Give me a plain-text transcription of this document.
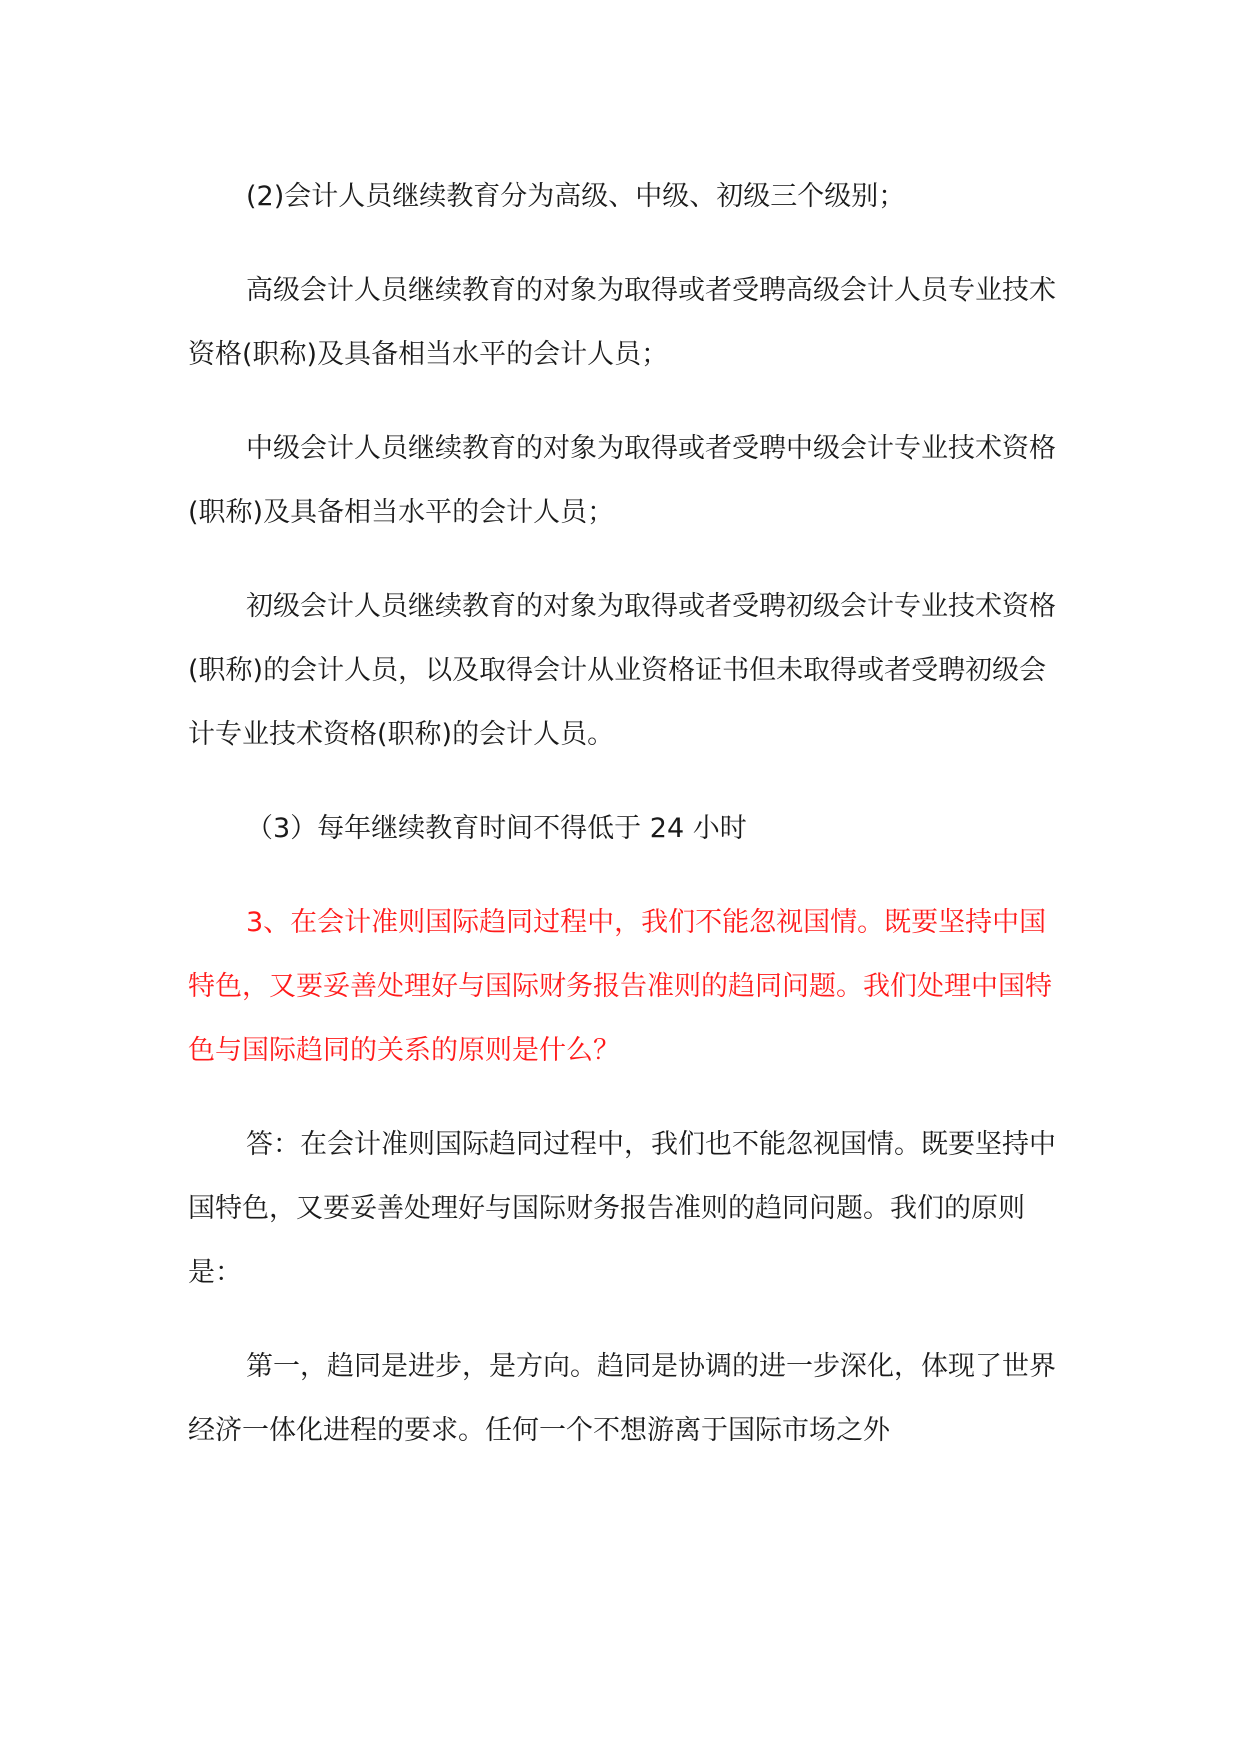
(2)会计人员继续教育分为高级、中级、初级三个级别；

高级会计人员继续教育的对象为取得或者受聘高级会计人员专业技术资格(职称)及具备相当水平的会计人员；

中级会计人员继续教育的对象为取得或者受聘中级会计专业技术资格(职称)及具备相当水平的会计人员；

初级会计人员继续教育的对象为取得或者受聘初级会计专业技术资格(职称)的会计人员，以及取得会计从业资格证书但未取得或者受聘初级会计专业技术资格(职称)的会计人员。

（3）每年继续教育时间不得低于 24 小时

3、在会计准则国际趋同过程中，我们不能忽视国情。既要坚持中国特色，又要妥善处理好与国际财务报告准则的趋同问题。我们处理中国特色与国际趋同的关系的原则是什么？

答：在会计准则国际趋同过程中，我们也不能忽视国情。既要坚持中国特色，又要妥善处理好与国际财务报告准则的趋同问题。我们的原则是：

第一，趋同是进步，是方向。趋同是协调的进一步深化，体现了世界经济一体化进程的要求。任何一个不想游离于国际市场之外
